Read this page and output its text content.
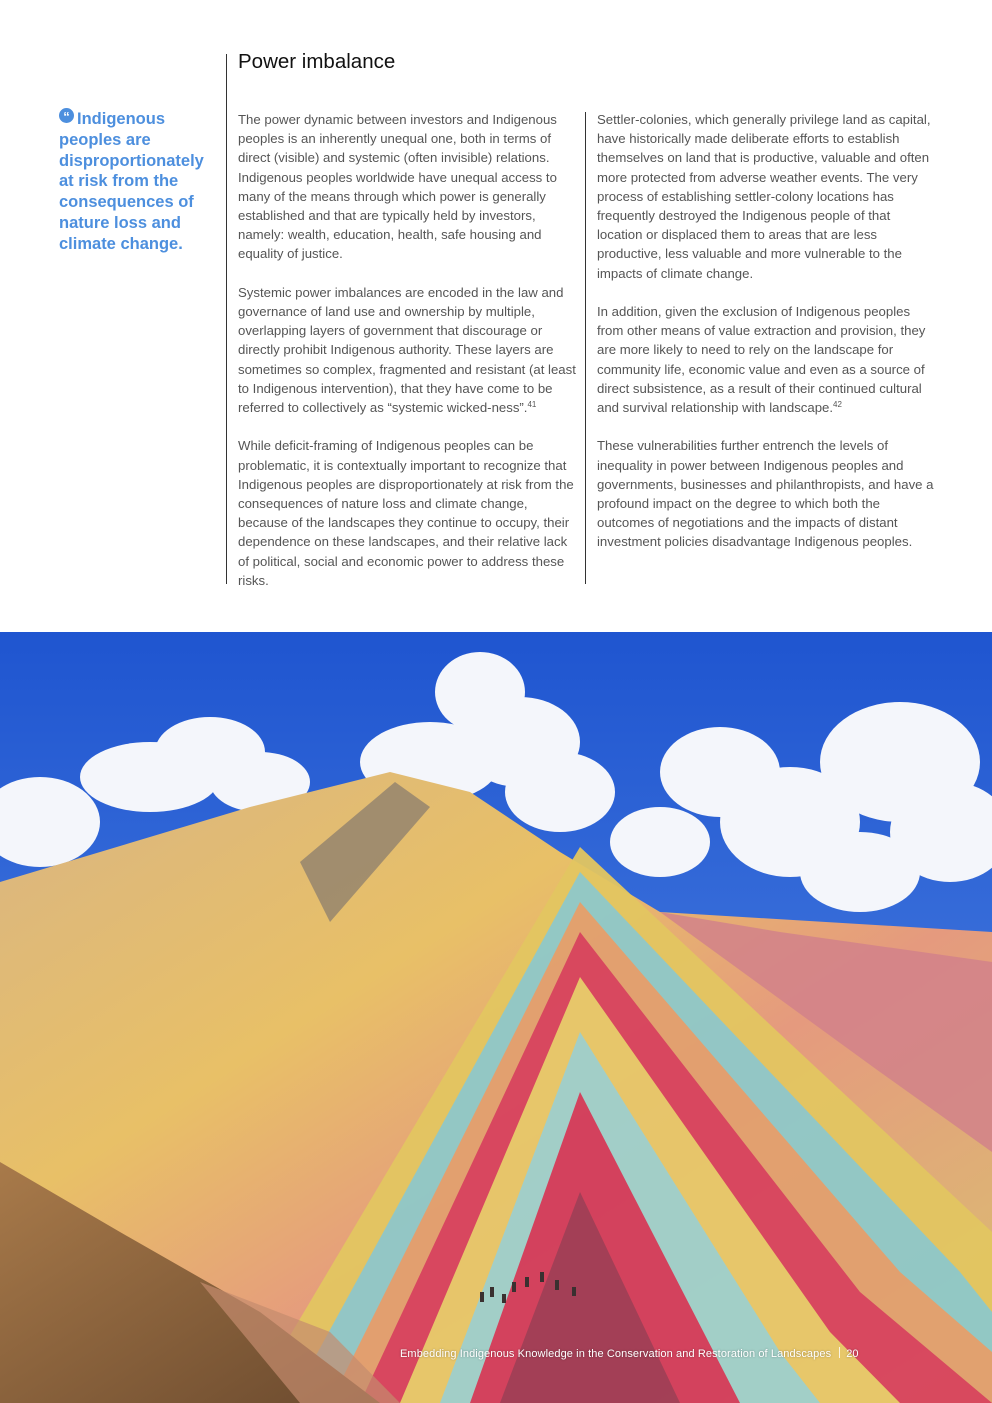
Power imbalance

“ Indigenous peoples are disproportionately at risk from the consequences of nature loss and climate change.

The power dynamic between investors and Indigenous peoples is an inherently unequal one, both in terms of direct (visible) and systemic (often invisible) relations. Indigenous peoples worldwide have unequal access to many of the means through which power is generally established and that are typically held by investors, namely: wealth, education, health, safe housing and equality of justice.

Systemic power imbalances are encoded in the law and governance of land use and ownership by multiple, overlapping layers of government that discourage or directly prohibit Indigenous authority. These layers are sometimes so complex, fragmented and resistant (at least to Indigenous intervention), that they have come to be referred to collectively as “systemic wicked-ness”.$^{41}$

While deficit-framing of Indigenous peoples can be problematic, it is contextually important to recognize that Indigenous peoples are disproportionately at risk from the consequences of nature loss and climate change, because of the landscapes they continue to occupy, their dependence on these landscapes, and their relative lack of political, social and economic power to address these risks.

Settler-colonies, which generally privilege land as capital, have historically made deliberate efforts to establish themselves on land that is productive, valuable and often more protected from adverse weather events. The very process of establishing settler-colony locations has frequently destroyed the Indigenous people of that location or displaced them to areas that are less productive, less valuable and more vulnerable to the impacts of climate change.

In addition, given the exclusion of Indigenous peoples from other means of value extraction and provision, they are more likely to need to rely on the landscape for community life, economic value and even as a source of direct subsistence, as a result of their continued cultural and survival relationship with landscape.$^{42}$

These vulnerabilities further entrench the levels of inequality in power between Indigenous peoples and governments, businesses and philanthropists, and have a profound impact on the degree to which both the outcomes of negotiations and the impacts of distant investment policies disadvantage Indigenous peoples.

Embedding Indigenous Knowledge in the Conservation and Restoration of Landscapes 20
